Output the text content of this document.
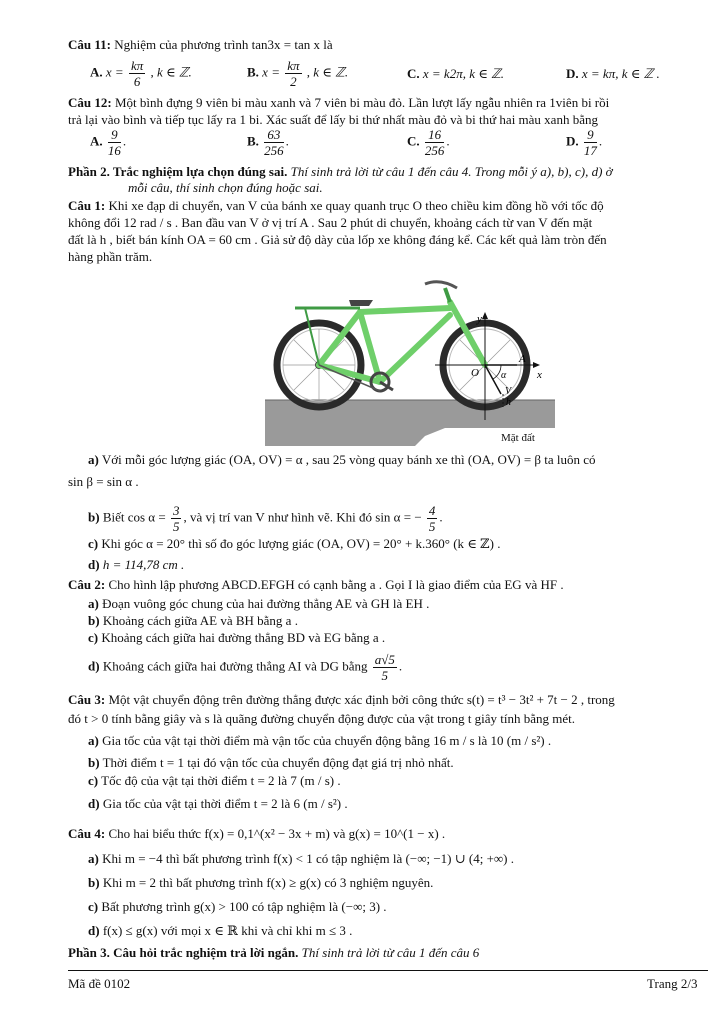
Câu 11: Nghiệm của phương trình tan3x = tan x là
A. $x = \frac{k\pi}{6}$ , k ∈ ℤ.	B. $x = \frac{k\pi}{2}$ , k ∈ ℤ.	C. x = k2π, k ∈ ℤ.	D. x = kπ, k ∈ ℤ .
Câu 12: Một bình đựng 9 viên bi màu xanh và 7 viên bi màu đỏ. Lần lượt lấy ngẫu nhiên ra 1viên bi rồi
trả lại vào bình và tiếp tục lấy ra 1 bi. Xác suất để lấy bi thứ nhất màu đỏ và bi thứ hai màu xanh bằng
A. $\frac{9}{16}$ .	B. $\frac{63}{256}$ .	C. $\frac{16}{256}$ .	D. $\frac{9}{17}$ .
Phần 2. Trắc nghiệm lựa chọn đúng sai. Thí sinh trả lời từ câu 1 đến câu 4. Trong mỗi ý a), b), c), d) ở
mỗi câu, thí sinh chọn đúng hoặc sai.
Câu 1: Khi xe đạp di chuyển, van V của bánh xe quay quanh trục O theo chiều kim đồng hồ với tốc độ
không đổi 12 rad / s . Ban đầu van V ở vị trí A . Sau 2 phút di chuyển, khoảng cách từ van V đến mặt
đất là h , biết bán kính OA = 60 cm . Giả sử độ dày của lốp xe không đáng kể. Các kết quả làm tròn đến
hàng phần trăm.
y
x
O
A
α
V
h
Mặt đất
a) Với mỗi góc lượng giác (OA, OV) = α , sau 25 vòng quay bánh xe thì (OA, OV) = β ta luôn có
sin β = sin α .
b) Biết $\cos \alpha = \frac{3}{5}$ , và vị trí van V như hình vẽ. Khi đó sin α = − $\frac{4}{5}$ .
c) Khi góc α = 20° thì số đo góc lượng giác (OA, OV) = 20° + k.360° (k ∈ ℤ) .
d) h = 114,78 cm .
Câu 2: Cho hình lập phương ABCD.EFGH có cạnh bằng a . Gọi I là giao điểm của EG và HF .
a) Đoạn vuông góc chung của hai đường thẳng AE và GH là EH .
b) Khoảng cách giữa AE và BH bằng a .
c) Khoảng cách giữa hai đường thẳng BD và EG bằng a .
d) Khoảng cách giữa hai đường thẳng AI và DG bằng $\frac{a√5}{5}$ .
Câu 3: Một vật chuyển động trên đường thẳng được xác định bởi công thức s(t) = t³ − 3t² + 7t − 2 , trong
đó t > 0 tính bằng giây và s là quãng đường chuyển động được của vật trong t giây tính bằng mét.
a) Gia tốc của vật tại thời điểm mà vận tốc của chuyển động bằng 16 m / s là 10 (m / s²) .
b) Thời điểm t = 1 tại đó vận tốc của chuyển động đạt giá trị nhỏ nhất.
c) Tốc độ của vật tại thời điểm t = 2 là 7 (m / s) .
d) Gia tốc của vật tại thời điểm t = 2 là 6 (m / s²) .
Câu 4: Cho hai biểu thức f(x) = 0,1^(x² − 3x + m) và g(x) = 10^(1 − x) .
a) Khi m = −4 thì bất phương trình f(x) < 1 có tập nghiệm là (−∞; −1) ∪ (4; +∞) .
b) Khi m = 2 thì bất phương trình f(x) ≥ g(x) có 3 nghiệm nguyên.
c) Bất phương trình g(x) > 100 có tập nghiệm là (−∞; 3) .
d) f(x) ≤ g(x) với mọi x ∈ ℝ khi và chỉ khi m ≤ 3 .
Phần 3. Câu hỏi trắc nghiệm trả lời ngắn. Thí sinh trả lời từ câu 1 đến câu 6
Mã đề 0102	Trang 2/3
